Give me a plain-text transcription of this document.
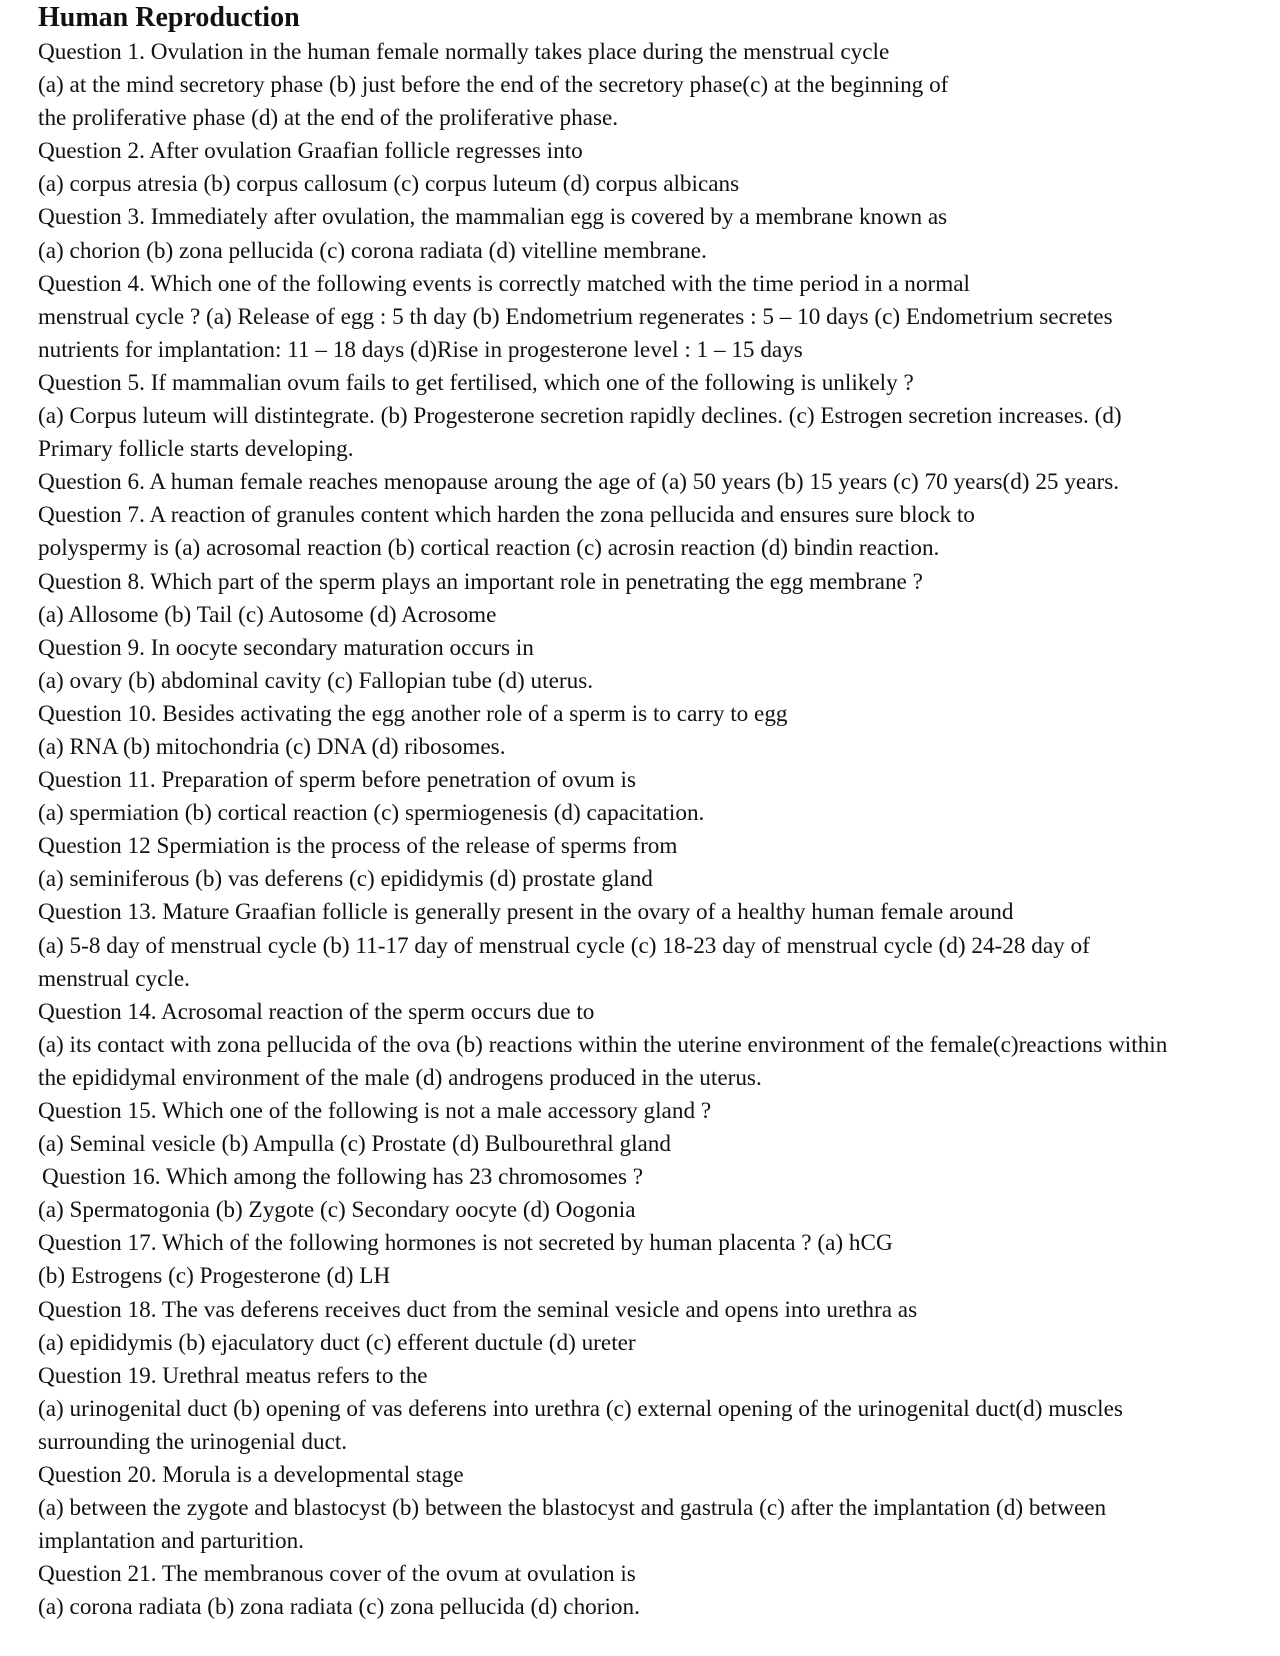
Human Reproduction
Question 1. Ovulation in the human female normally takes place during the menstrual cycle
(a) at the mind secretory phase (b) just before the end of the secretory phase(c) at the beginning of
the proliferative phase (d) at the end of the proliferative phase.
Question 2. After ovulation Graafian follicle regresses into
(a) corpus atresia (b) corpus callosum (c) corpus luteum (d) corpus albicans
Question 3. Immediately after ovulation, the mammalian egg is covered by a membrane known as
(a) chorion (b) zona pellucida (c) corona radiata (d) vitelline membrane.
Question 4. Which one of the following events is correctly matched with the time period in a normal
menstrual cycle ? (a) Release of egg : 5 th day (b) Endometrium regenerates : 5 – 10 days (c) Endometrium secretes
nutrients for implantation: 11 – 18 days (d)Rise in progesterone level : 1 – 15 days
Question 5. If mammalian ovum fails to get fertilised, which one of the following is unlikely ?
(a) Corpus luteum will distintegrate. (b) Progesterone secretion rapidly declines. (c) Estrogen secretion increases. (d)
Primary follicle starts developing.
Question 6. A human female reaches menopause aroung the age of (a) 50 years (b) 15 years (c) 70 years(d) 25 years.
Question 7. A reaction of granules content which harden the zona pellucida and ensures sure block to
polyspermy is (a) acrosomal reaction (b) cortical reaction (c) acrosin reaction (d) bindin reaction.
Question 8. Which part of the sperm plays an important role in penetrating the egg membrane ?
(a) Allosome (b) Tail (c) Autosome (d) Acrosome
Question 9. In oocyte secondary maturation occurs in
(a) ovary (b) abdominal cavity (c) Fallopian tube (d) uterus.
Question 10. Besides activating the egg another role of a sperm is to carry to egg
(a) RNA (b) mitochondria (c) DNA (d) ribosomes.
Question 11. Preparation of sperm before penetration of ovum is
(a) spermiation (b) cortical reaction (c) spermiogenesis (d) capacitation.
Question 12 Spermiation is the process of the release of sperms from
(a) seminiferous (b) vas deferens (c) epididymis (d) prostate gland
Question 13. Mature Graafian follicle is generally present in the ovary of a healthy human female around
(a) 5-8 day of menstrual cycle (b) 11-17 day of menstrual cycle (c) 18-23 day of menstrual cycle (d) 24-28 day of
menstrual cycle.
Question 14. Acrosomal reaction of the sperm occurs due to
(a) its contact with zona pellucida of the ova (b) reactions within the uterine environment of the female(c)reactions within
the epididymal environment of the male (d) androgens produced in the uterus.
Question 15. Which one of the following is not a male accessory gland ?
(a) Seminal vesicle (b) Ampulla (c) Prostate (d) Bulbourethral gland
Question 16. Which among the following has 23 chromosomes ?
(a) Spermatogonia (b) Zygote (c) Secondary oocyte (d) Oogonia
Question 17. Which of the following hormones is not secreted by human placenta ? (a) hCG
(b) Estrogens (c) Progesterone (d) LH
Question 18. The vas deferens receives duct from the seminal vesicle and opens into urethra as
(a) epididymis (b) ejaculatory duct (c) efferent ductule (d) ureter
Question 19. Urethral meatus refers to the
(a) urinogenital duct (b) opening of vas deferens into urethra (c) external opening of the urinogenital duct(d) muscles
surrounding the urinogenial duct.
Question 20. Morula is a developmental stage
(a) between the zygote and blastocyst (b) between the blastocyst and gastrula (c) after the implantation (d) between
implantation and parturition.
Question 21. The membranous cover of the ovum at ovulation is
(a) corona radiata (b) zona radiata (c) zona pellucida (d) chorion.
